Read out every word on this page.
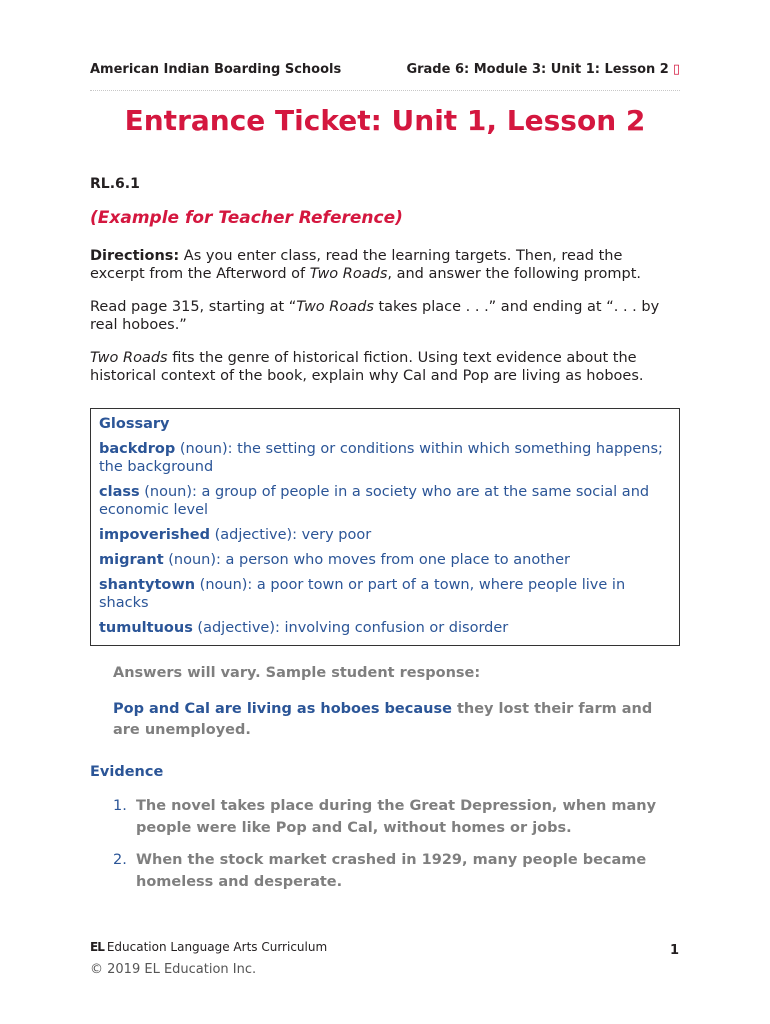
American Indian Boarding Schools	Grade 6: Module 3: Unit 1: Lesson 2 ▯
Entrance Ticket: Unit 1, Lesson 2
RL.6.1
(Example for Teacher Reference)
Directions: As you enter class, read the learning targets. Then, read the excerpt from the Afterword of Two Roads, and answer the following prompt.
Read page 315, starting at “Two Roads takes place . . .” and ending at “. . . by real hoboes.”
Two Roads fits the genre of historical fiction. Using text evidence about the historical context of the book, explain why Cal and Pop are living as hoboes.
Glossary
backdrop (noun): the setting or conditions within which something happens; the background
class (noun): a group of people in a society who are at the same social and economic level
impoverished (adjective): very poor
migrant (noun): a person who moves from one place to another
shantytown (noun): a poor town or part of a town, where people live in shacks
tumultuous (adjective): involving confusion or disorder
Answers will vary. Sample student response:
Pop and Cal are living as hoboes because they lost their farm and are unemployed.
Evidence
1. The novel takes place during the Great Depression, when many people were like Pop and Cal, without homes or jobs.
2. When the stock market crashed in 1929, many people became homeless and desperate.
EL Education Language Arts Curriculum	1
© 2019 EL Education Inc.
